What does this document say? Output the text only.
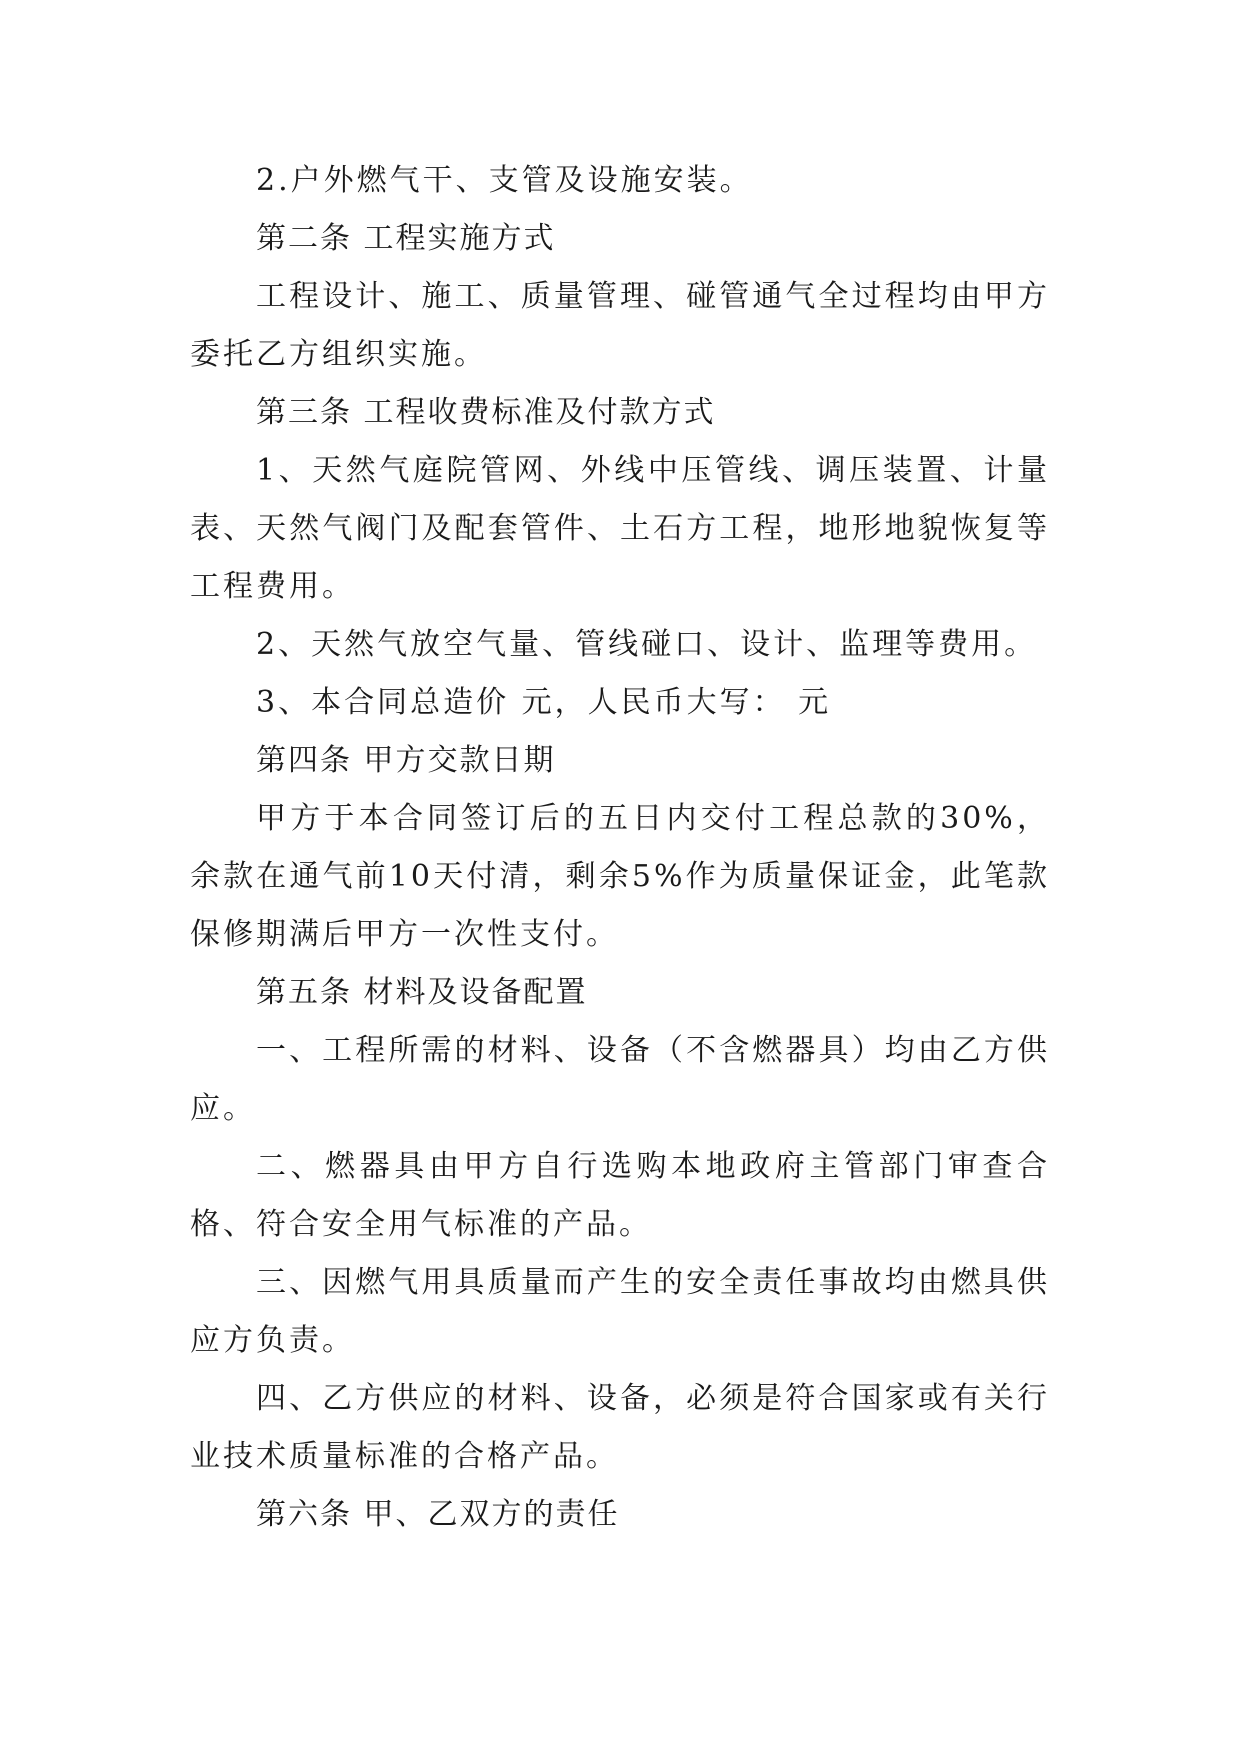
2.户外燃气干、支管及设施安装。

第二条 工程实施方式

工程设计、施工、质量管理、碰管通气全过程均由甲方委托乙方组织实施。

第三条 工程收费标准及付款方式

1、天然气庭院管网、外线中压管线、调压装置、计量表、天然气阀门及配套管件、土石方工程，地形地貌恢复等工程费用。

2、天然气放空气量、管线碰口、设计、监理等费用。

3、本合同总造价 元，人民币大写： 元

第四条 甲方交款日期

甲方于本合同签订后的五日内交付工程总款的30%，余款在通气前10天付清，剩余5%作为质量保证金，此笔款保修期满后甲方一次性支付。

第五条 材料及设备配置

一、工程所需的材料、设备（不含燃器具）均由乙方供应。

二、燃器具由甲方自行选购本地政府主管部门审查合格、符合安全用气标准的产品。

三、因燃气用具质量而产生的安全责任事故均由燃具供应方负责。

四、乙方供应的材料、设备，必须是符合国家或有关行业技术质量标准的合格产品。

第六条 甲、乙双方的责任
